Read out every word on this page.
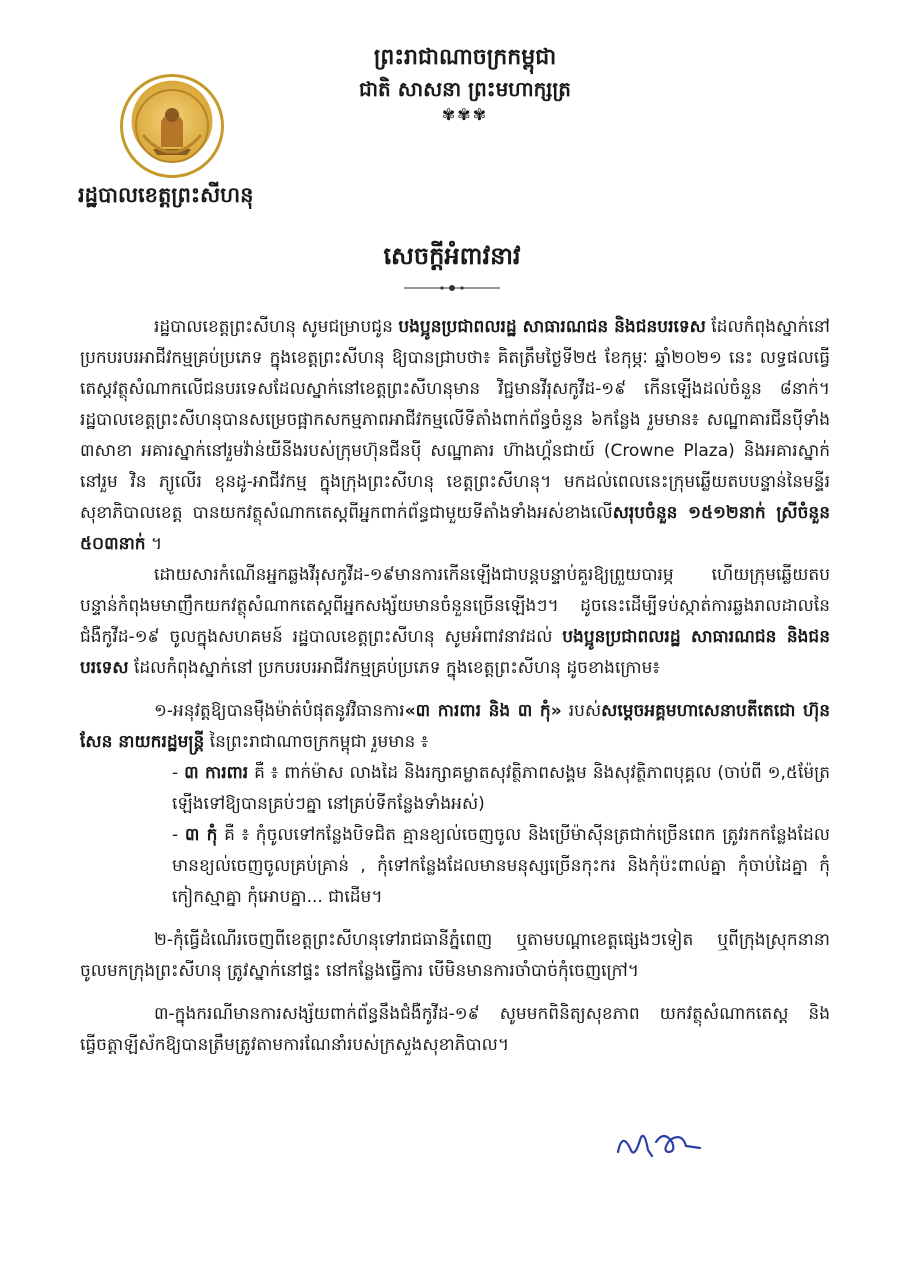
រដ្ឋបាលខេត្តព្រះសីហនុ
ព្រះរាជាណាចក្រកម្ពុជា
ជាតិ សាសនា ព្រះមហាក្សត្រ
✾✾✾
សេចក្តីអំពាវនាវ

រដ្ឋបាលខេត្តព្រះសីហនុ សូមជម្រាបជូន បងប្អូនប្រជាពលរដ្ឋ សាធារណជន និងជនបរទេស ដែលកំពុងស្នាក់នៅ ប្រកបរបរអាជីវកម្មគ្រប់ប្រភេទ ក្នុងខេត្តព្រះសីហនុ ឱ្យបានជ្រាបថា៖ គិតត្រឹមថ្ងៃទី២៥ ខែកុម្ភៈ ឆ្នាំ២០២១ នេះ លទ្ធផលធ្វើតេស្តវត្ថុសំណាកលើជនបរទេសដែលស្នាក់នៅខេត្តព្រះសីហនុមាន វិជ្ជមានវីរុសកូវីដ-១៩ កើនឡើងដល់ចំនួន ៨នាក់។ រដ្ឋបាលខេត្តព្រះសីហនុបានសម្រេចផ្អាកសកម្មភាពអាជីវកម្មលើទីតាំងពាក់ព័ន្ធចំនួន ៦កន្លែង រួមមាន៖ សណ្ឋាគារជីនប៉ីទាំង ៣សាខា អគារស្នាក់នៅរួមវ៉ាន់យីនីងរបស់ក្រុមហ៊ុនជីនប៉ី សណ្ឋាគារ ហ៊ាងហ្គ័នជាយ៍ (Crowne Plaza) និងអគារស្នាក់នៅរួម វិន ភ្យូលេីរ ខុនដូ-អាជីវកម្ម ក្នុងក្រុងព្រះសីហនុ ខេត្តព្រះសីហនុ។ មកដល់ពេលនេះក្រុមឆ្លើយតបបន្ទាន់នៃមន្ទីរសុខាភិបាលខេត្ត បានយកវត្ថុសំណាកតេស្តពីអ្នកពាក់ព័ន្ធជាមួយទីតាំងទាំងអស់ខាងលើសរុបចំនួន ១៥១២នាក់ ស្រីចំនួន ៥០៣នាក់ ។

ដោយសារកំណើនអ្នកឆ្លងវីរុសកូវីដ-១៩មានការកើនឡើងជាបន្តបន្ទាប់គួរឱ្យព្រួយបារម្ភ ហើយក្រុមឆ្លើយតបបន្ទាន់កំពុងមមាញឹកយកវត្ថុសំណាកតេស្តពីអ្នកសង្ស័យមានចំនួនច្រើនឡើងៗ។ ដូចនេះដើម្បីទប់ស្កាត់ការឆ្លងរាលដាលនៃជំងឺកូវីដ-១៩ ចូលក្នុងសហគមន៍ រដ្ឋបាលខេត្តព្រះសីហនុ សូមអំពាវនាវដល់ បងប្អូនប្រជាពលរដ្ឋ សាធារណជន និងជនបរទេស ដែលកំពុងស្នាក់នៅ ប្រកបរបរអាជីវកម្មគ្រប់ប្រភេទ ក្នុងខេត្តព្រះសីហនុ ដូចខាងក្រោម៖

១-អនុវត្តឱ្យបានម៉ឺងម៉ាត់បំផុតនូវវិធានការ«៣ ការពារ និង ៣ កុំ» របស់សម្តេចអគ្គមហាសេនាបតីតេជោ ហ៊ុន សែន នាយករដ្ឋមន្ត្រី នៃព្រះរាជាណាចក្រកម្ពុជា រួមមាន ៖

- ៣ ការពារ គឺ ៖ ពាក់ម៉ាស លាងដៃ និងរក្សាគម្លាតសុវត្ថិភាពសង្គម និងសុវត្ថិភាពបុគ្គល (ចាប់ពី ១,៥ម៉ែត្រឡើងទៅឱ្យបានគ្រប់ៗគ្នា នៅគ្រប់ទីកន្លែងទាំងអស់)

- ៣ កុំ គឺ ៖ កុំចូលទៅកន្លែងបិទជិត គ្មានខ្យល់ចេញចូល និងប្រើម៉ាស៊ីនត្រជាក់ច្រើនពេក ត្រូវរកកន្លែងដែលមានខ្យល់ចេញចូលគ្រប់គ្រាន់ , កុំទៅកន្លែងដែលមានមនុស្សច្រើនកុះករ និងកុំប៉ះពាល់គ្នា កុំចាប់ដៃគ្នា កុំកៀកស្មាគ្នា កុំអោបគ្នា... ជាដើម។

២-កុំធ្វើដំណើរចេញពីខេត្តព្រះសីហនុទៅរាជធានីភ្នំពេញ ឬតាមបណ្តាខេត្តផ្សេងៗទៀត ឬពីក្រុងស្រុកនានាចូលមកក្រុងព្រះសីហនុ ត្រូវស្នាក់នៅផ្ទះ នៅកន្លែងធ្វើការ បើមិនមានការចាំបាច់កុំចេញក្រៅ។

៣-ក្នុងករណីមានការសង្ស័យពាក់ព័ន្ធនឹងជំងឺកូវីដ-១៩ សូមមកពិនិត្យសុខភាព យកវត្ថុសំណាកតេស្ត និងធ្វើចត្តាឡីស័កឱ្យបានត្រឹមត្រូវតាមការណែនាំរបស់ក្រសួងសុខាភិបាល។
